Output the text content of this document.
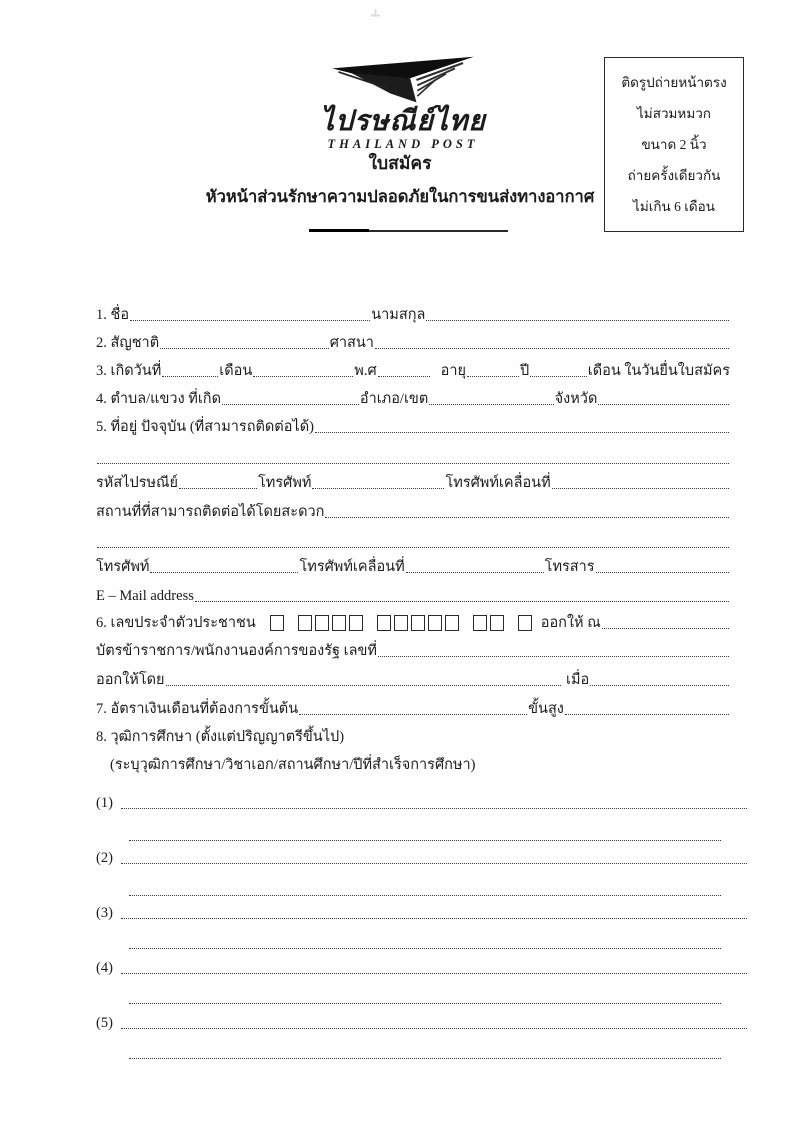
ไปรษณีย์ไทย
THAILAND POST
ติดรูปถ่ายหน้าตรง
ไม่สวมหมวก
ขนาด 2 นิ้ว
ถ่ายครั้งเดียวกัน
ไม่เกิน 6 เดือน
ใบสมัคร
หัวหน้าส่วนรักษาความปลอดภัยในการขนส่งทางอากาศ
1. ชื่อ	นามสกุล
2. สัญชาติ	ศาสนา
3. เกิดวันที่	เดือน	พ.ศ	อายุ	ปี	เดือน ในวันยื่นใบสมัคร
4. ตำบล/แขวง ที่เกิด	อำเภอ/เขต	จังหวัด
5. ที่อยู่ ปัจจุบัน (ที่สามารถติดต่อได้)
รหัสไปรษณีย์	โทรศัพท์	โทรศัพท์เคลื่อนที่
สถานที่ที่สามารถติดต่อได้โดยสะดวก
โทรศัพท์	โทรศัพท์เคลื่อนที่	โทรสาร
E – Mail address
6. เลขประจำตัวประชาชน	ออกให้ ณ
บัตรข้าราชการ/พนักงานองค์การของรัฐ เลขที่
ออกให้โดย	เมื่อ
7. อัตราเงินเดือนที่ต้องการขั้นต้น	ขั้นสูง
8. วุฒิการศึกษา (ตั้งแต่ปริญญาตรีขึ้นไป)
(ระบุวุฒิการศึกษา/วิชาเอก/สถานศึกษา/ปีที่สำเร็จการศึกษา)
(1)
(2)
(3)
(4)
(5)
